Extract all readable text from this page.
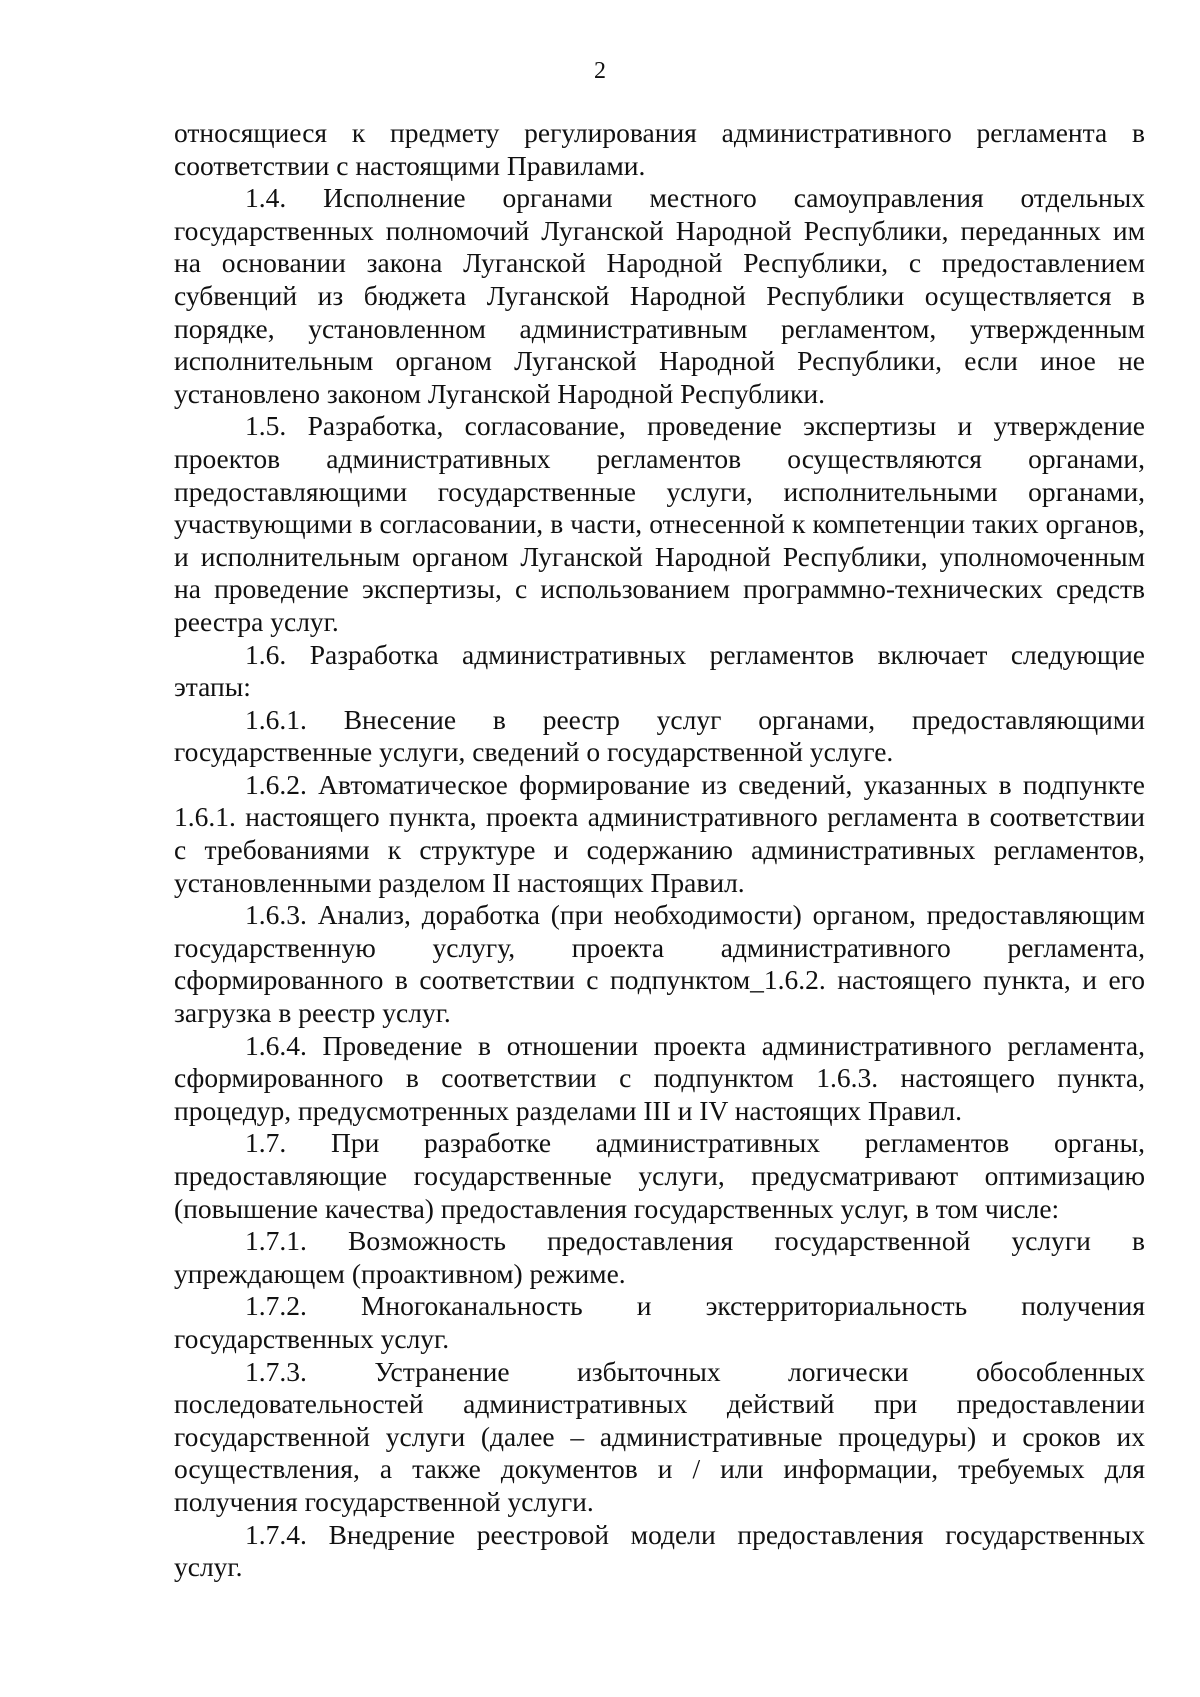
2

относящиеся к предмету регулирования административного регламента в соответствии с настоящими Правилами.

1.4. Исполнение органами местного самоуправления отдельных государственных полномочий Луганской Народной Республики, переданных им на основании закона Луганской Народной Республики, с предоставлением субвенций из бюджета Луганской Народной Республики осуществляется в порядке, установленном административным регламентом, утвержденным исполнительным органом Луганской Народной Республики, если иное не установлено законом Луганской Народной Республики.

1.5. Разработка, согласование, проведение экспертизы и утверждение проектов административных регламентов осуществляются органами, предоставляющими государственные услуги, исполнительными органами, участвующими в согласовании, в части, отнесенной к компетенции таких органов, и исполнительным органом Луганской Народной Республики, уполномоченным на проведение экспертизы, с использованием программно-технических средств реестра услуг.

1.6. Разработка административных регламентов включает следующие этапы:

1.6.1. Внесение в реестр услуг органами, предоставляющими государственные услуги, сведений о государственной услуге.

1.6.2. Автоматическое формирование из сведений, указанных в подпункте 1.6.1. настоящего пункта, проекта административного регламента в соответствии с требованиями к структуре и содержанию административных регламентов, установленными разделом II настоящих Правил.

1.6.3. Анализ, доработка (при необходимости) органом, предоставляющим государственную услугу, проекта административного регламента, сформированного в соответствии с подпунктом_1.6.2. настоящего пункта, и его загрузка в реестр услуг.

1.6.4. Проведение в отношении проекта административного регламента, сформированного в соответствии с подпунктом 1.6.3. настоящего пункта, процедур, предусмотренных разделами III и IV настоящих Правил.

1.7. При разработке административных регламентов органы, предоставляющие государственные услуги, предусматривают оптимизацию (повышение качества) предоставления государственных услуг, в том числе:

1.7.1. Возможность предоставления государственной услуги в упреждающем (проактивном) режиме.

1.7.2. Многоканальность и экстерриториальность получения государственных услуг.

1.7.3. Устранение избыточных логически обособленных последовательностей административных действий при предоставлении государственной услуги (далее – административные процедуры) и сроков их осуществления, а также документов и / или информации, требуемых для получения государственной услуги.

1.7.4. Внедрение реестровой модели предоставления государственных услуг.
